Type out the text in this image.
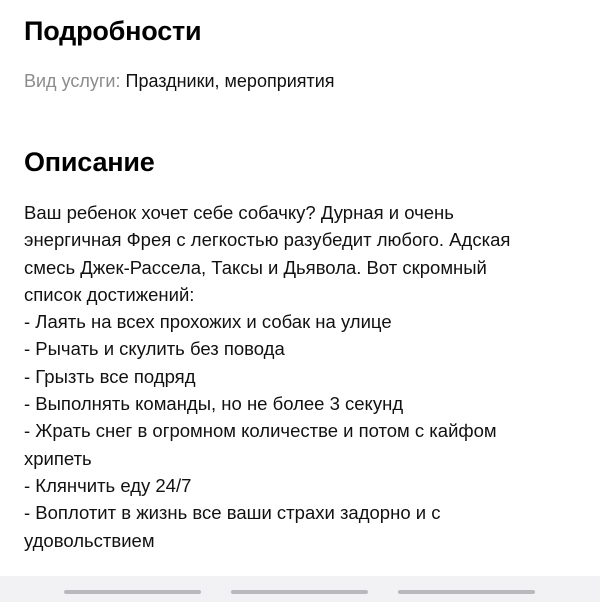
Подробности
Вид услуги: Праздники, мероприятия
Описание
Ваш ребенок хочет себе собачку? Дурная и очень
энергичная Фрея с легкостью разубедит любого. Адская
смесь Джек-Рассела, Таксы и Дьявола. Вот скромный
список достижений:
- Лаять на всех прохожих и собак на улице
- Рычать и скулить без повода
- Грызть все подряд
- Выполнять команды, но не более 3 секунд
- Жрать снег в огромном количестве и потом с кайфом
хрипеть
- Клянчить еду 24/7
- Воплотит в жизнь все ваши страхи задорно и с
удовольствием
